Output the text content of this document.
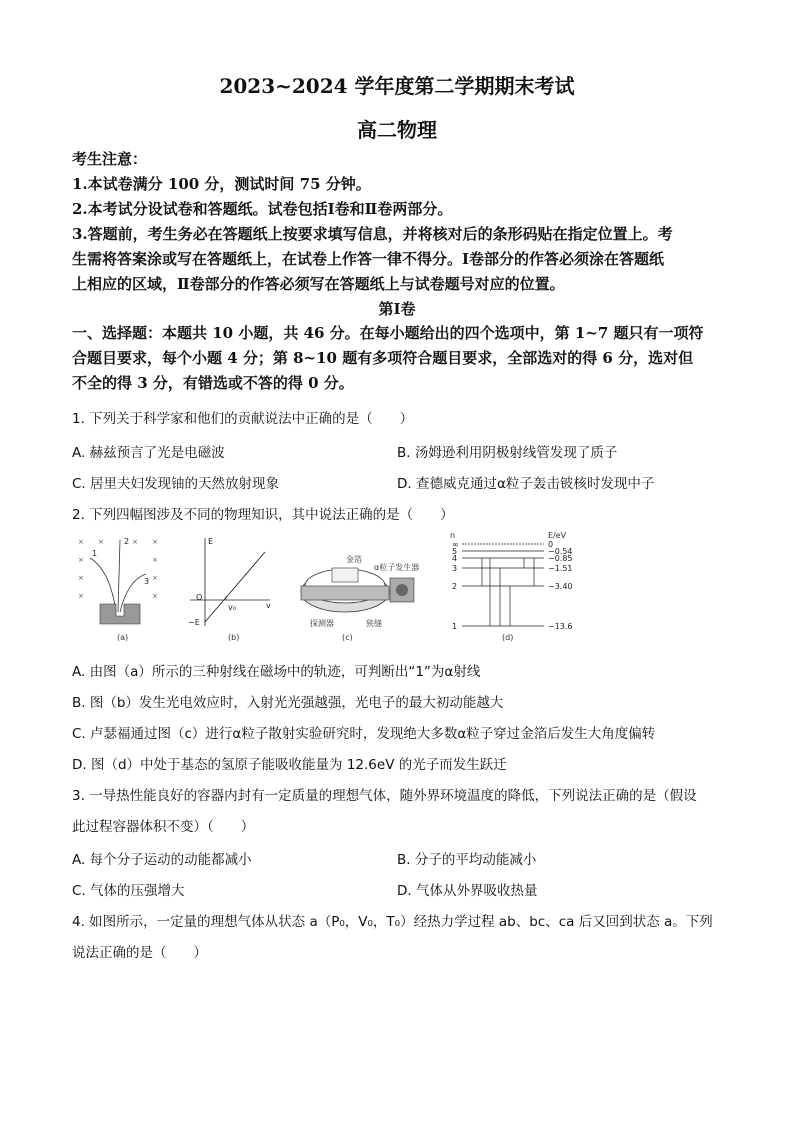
2023~2024 学年度第二学期期末考试
高二物理
考生注意：
1.本试卷满分 100 分，测试时间 75 分钟。
2.本考试分设试卷和答题纸。试卷包括Ⅰ卷和Ⅱ卷两部分。
3.答题前，考生务必在答题纸上按要求填写信息，并将核对后的条形码贴在指定位置上。考
生需将答案涂或写在答题纸上，在试卷上作答一律不得分。Ⅰ卷部分的作答必须涂在答题纸
上相应的区域，Ⅱ卷部分的作答必须写在答题纸上与试卷题号对应的位置。
第Ⅰ卷
一、选择题：本题共 10 小题，共 46 分。在每小题给出的四个选项中，第 1~7 题只有一项符
合题目要求，每个小题 4 分；第 8~10 题有多项符合题目要求，全部选对的得 6 分，选对但
不全的得 3 分，有错选或不答的得 0 分。
1. 下列关于科学家和他们的贡献说法中正确的是（　　）
A. 赫兹预言了光是电磁波	B. 汤姆逊利用阴极射线管发现了质子
C. 居里夫妇发现铀的天然放射现象	D. 查德威克通过α粒子轰击铍核时发现中子
2. 下列四幅图涉及不同的物理知识，其中说法正确的是（　　）
× ×	× ×
×	×
×	×
×	×
1
2
3
(a)
E
O
v₀	v
−E
(b)
金箔
α粒子发生器
探测器	狭缝
(c)
n	E/eV
(d)
∞	0
5	−0.54
4	−0.85
3	−1.51
2	−3.40
1	−13.6
A. 由图（a）所示的三种射线在磁场中的轨迹，可判断出“1”为α射线
B. 图（b）发生光电效应时，入射光光强越强，光电子的最大初动能越大
C. 卢瑟福通过图（c）进行α粒子散射实验研究时，发现绝大多数α粒子穿过金箔后发生大角度偏转
D. 图（d）中处于基态的氢原子能吸收能量为 12.6eV 的光子而发生跃迁
3. 一导热性能良好的容器内封有一定质量的理想气体，随外界环境温度的降低，下列说法正确的是（假设
此过程容器体积不变）（　　）
A. 每个分子运动的动能都减小	B. 分子的平均动能减小
C. 气体的压强增大	D. 气体从外界吸收热量
4. 如图所示，一定量的理想气体从状态 a（P₀，V₀，T₀）经热力学过程 ab、bc、ca 后又回到状态 a。下列
说法正确的是（　　）
